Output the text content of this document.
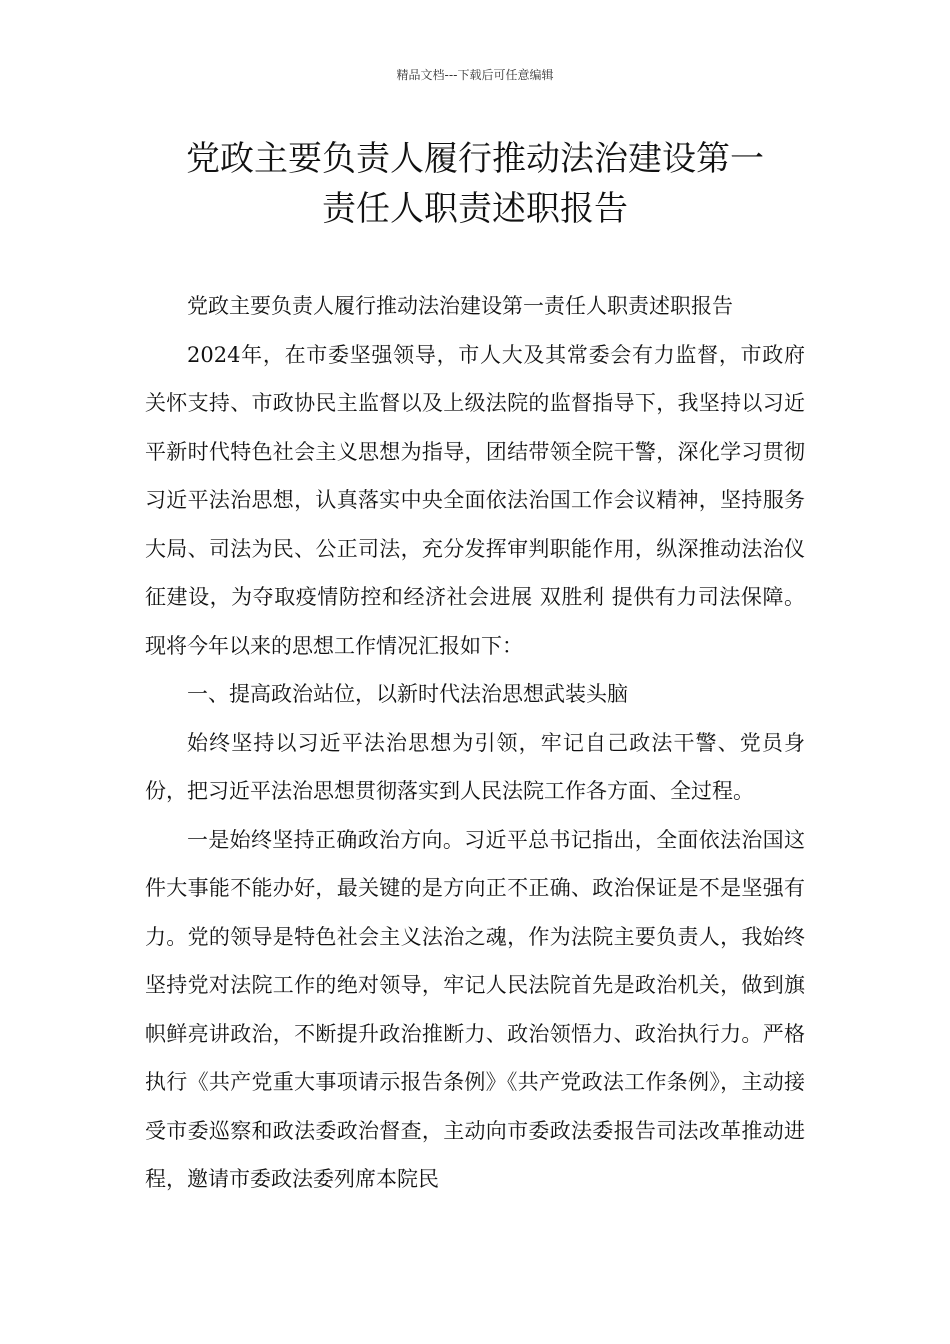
精品文档---下载后可任意编辑
党政主要负责人履行推动法治建设第一
责任人职责述职报告

党政主要负责人履行推动法治建设第一责任人职责述职报告

2024年，在市委坚强领导，市人大及其常委会有力监督，市政府关怀支持、市政协民主监督以及上级法院的监督指导下，我坚持以习近平新时代特色社会主义思想为指导，团结带领全院干警，深化学习贯彻习近平法治思想，认真落实中央全面依法治国工作会议精神，坚持服务大局、司法为民、公正司法，充分发挥审判职能作用，纵深推动法治仪征建设，为夺取疫情防控和经济社会进展 双胜利 提供有力司法保障。现将今年以来的思想工作情况汇报如下：

一、提高政治站位，以新时代法治思想武装头脑

始终坚持以习近平法治思想为引领，牢记自己政法干警、党员身份，把习近平法治思想贯彻落实到人民法院工作各方面、全过程。

一是始终坚持正确政治方向。习近平总书记指出，全面依法治国这件大事能不能办好，最关键的是方向正不正确、政治保证是不是坚强有力。党的领导是特色社会主义法治之魂，作为法院主要负责人，我始终坚持党对法院工作的绝对领导，牢记人民法院首先是政治机关，做到旗帜鲜亮讲政治，不断提升政治推断力、政治领悟力、政治执行力。严格执行《共产党重大事项请示报告条例》《共产党政法工作条例》，主动接受市委巡察和政法委政治督查，主动向市委政法委报告司法改革推动进程，邀请市委政法委列席本院民
